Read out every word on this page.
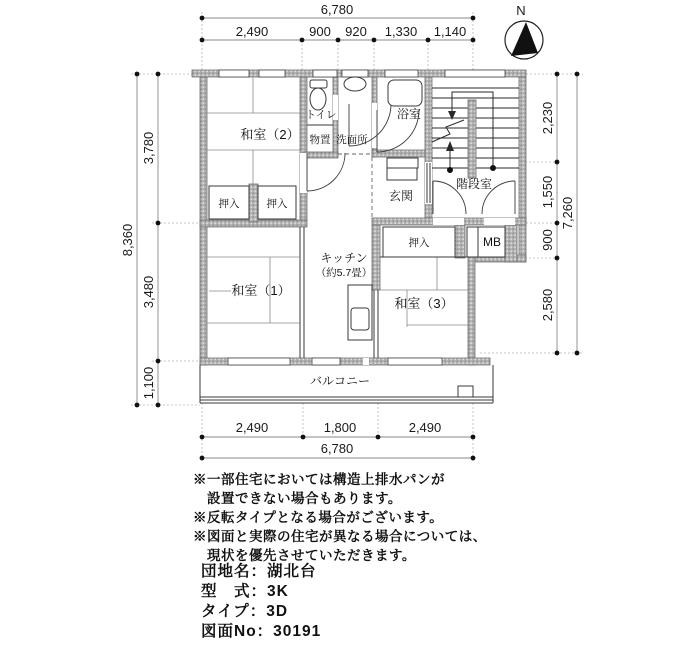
6,780
2,490	900 920 1,330 1,140
8,360
3,780
3,480
1,100
2,230
1,550
900
2,580
7,260
2,490	1,800	2,490
6,780
N
和室（2）
トイレ
物置 洗面所
浴室
階段室
玄関
押入	押入
押入	MB
キッチン
（約5.7畳）
和室（1）
和室（3）
バルコニー
※一部住宅においては構造上排水パンが
設置できない場合もあります。
※反転タイプとなる場合がございます。
※図面と実際の住宅が異なる場合については、
現状を優先させていただきます。
団地名：湖北台
型　式：3K
タイプ：3D
図面No：30191
